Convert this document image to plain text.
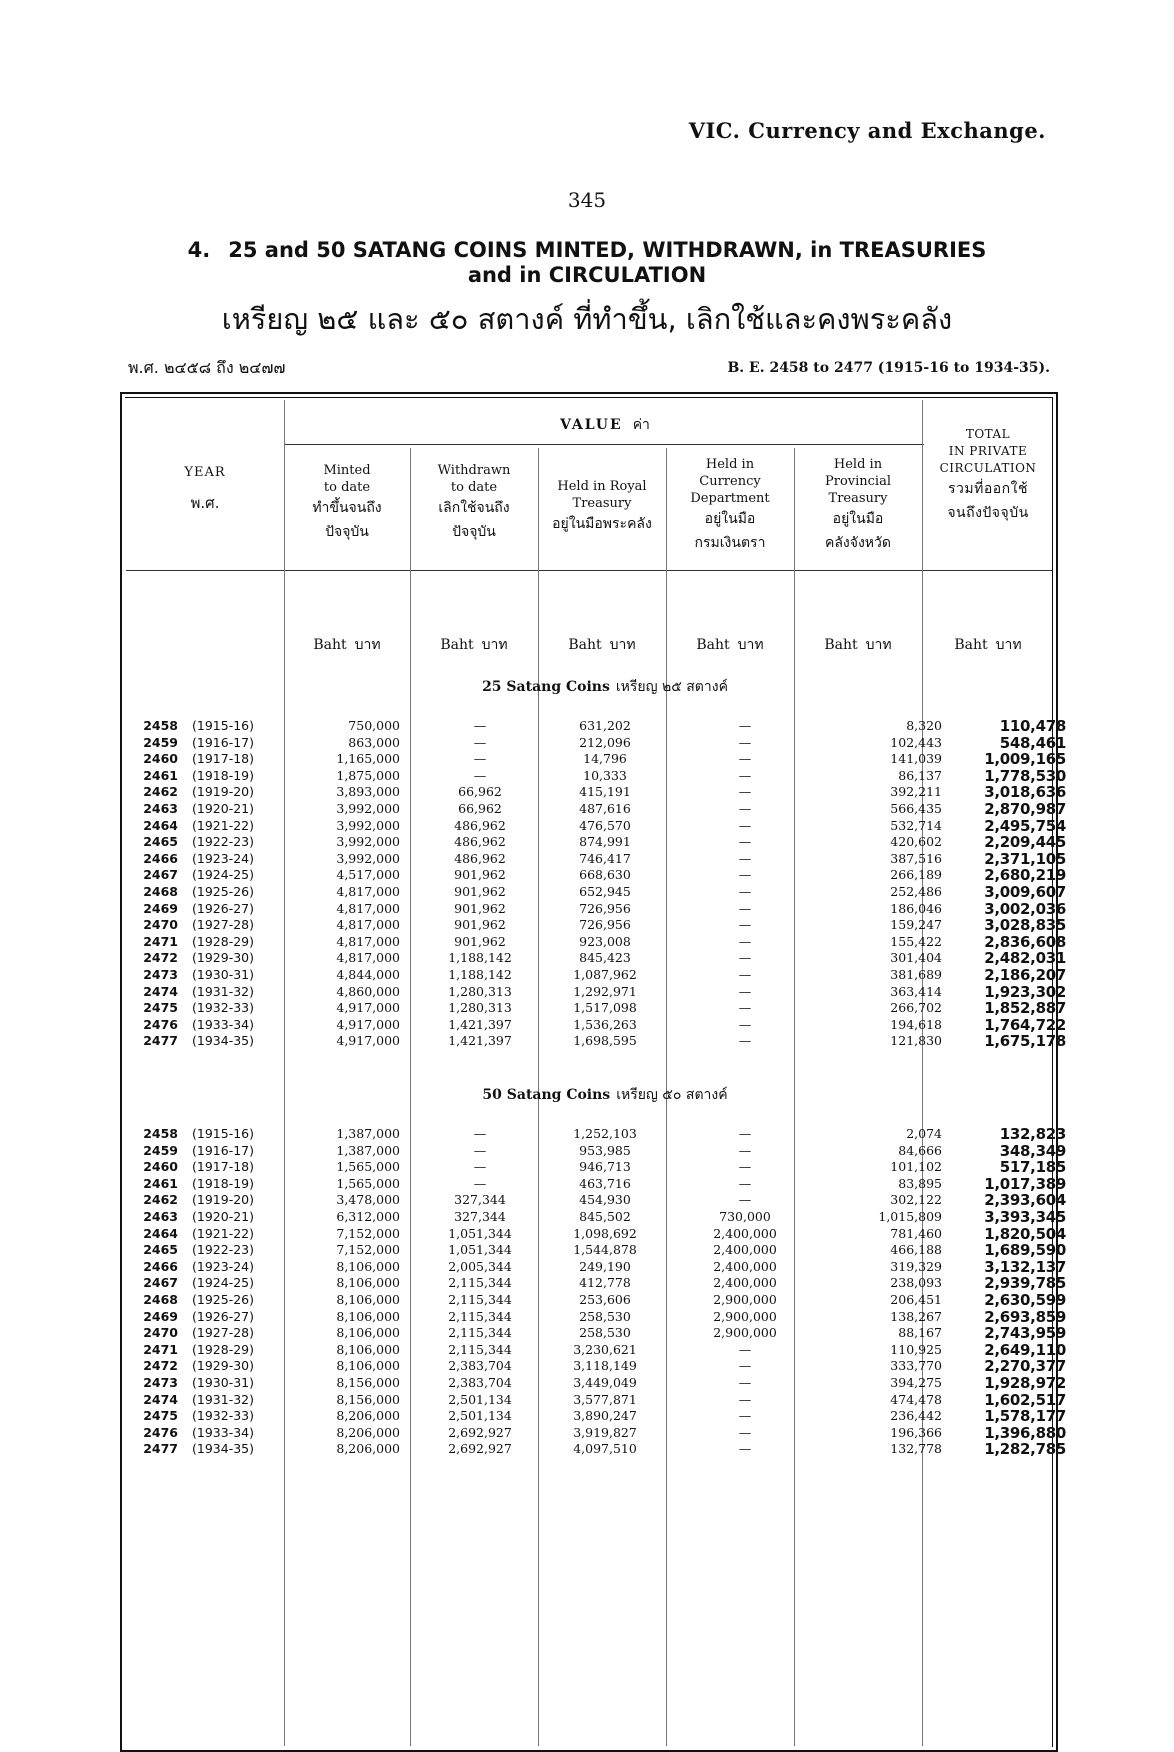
VIC. Currency and Exchange.
345
4. 25 and 50 SATANG COINS MINTED, WITHDRAWN, in TREASURIES
and in CIRCULATION
เหรียญ ๒๕ และ ๕๐ สตางค์ ที่ทำขึ้น, เลิกใช้และคงพระคลัง
พ.ศ. ๒๔๕๘ ถึง ๒๔๗๗	B. E. 2458 to 2477 (1915-16 to 1934-35).
VALUE ค่า
YEAR
พ.ศ.
Minted
to date
ทำขึ้นจนถึง
ปัจจุบัน
Withdrawn
to date
เลิกใช้จนถึง
ปัจจุบัน
Held in Royal
Treasury
อยู่ในมือพระคลัง
Held in
Currency
Department
อยู่ในมือ
กรมเงินตรา
Held in
Provincial
Treasury
อยู่ในมือ
คลังจังหวัด
TOTAL
IN PRIVATE
CIRCULATION
รวมที่ออกใช้
จนถึงปัจจุบัน
Baht บาท	Baht บาท	Baht บาท	Baht บาท	Baht บาท	Baht บาท
25 Satang Coins เหรียญ ๒๕ สตางค์
50 Satang Coins เหรียญ ๕๐ สตางค์
2458 (1915-16)	750,000	—	631,202	—	8,320	110,478
2459 (1916-17)	863,000	—	212,096	—	102,443	548,461
2460 (1917-18)	1,165,000	—	14,796	—	141,039	1,009,165
2461 (1918-19)	1,875,000	—	10,333	—	86,137	1,778,530
2462 (1919-20)	3,893,000	66,962	415,191	—	392,211	3,018,636
2463 (1920-21)	3,992,000	66,962	487,616	—	566,435	2,870,987
2464 (1921-22)	3,992,000	486,962	476,570	—	532,714	2,495,754
2465 (1922-23)	3,992,000	486,962	874,991	—	420,602	2,209,445
2466 (1923-24)	3,992,000	486,962	746,417	—	387,516	2,371,105
2467 (1924-25)	4,517,000	901,962	668,630	—	266,189	2,680,219
2468 (1925-26)	4,817,000	901,962	652,945	—	252,486	3,009,607
2469 (1926-27)	4,817,000	901,962	726,956	—	186,046	3,002,036
2470 (1927-28)	4,817,000	901,962	726,956	—	159,247	3,028,835
2471 (1928-29)	4,817,000	901,962	923,008	—	155,422	2,836,608
2472 (1929-30)	4,817,000	1,188,142	845,423	—	301,404	2,482,031
2473 (1930-31)	4,844,000	1,188,142	1,087,962	—	381,689	2,186,207
2474 (1931-32)	4,860,000	1,280,313	1,292,971	—	363,414	1,923,302
2475 (1932-33)	4,917,000	1,280,313	1,517,098	—	266,702	1,852,887
2476 (1933-34)	4,917,000	1,421,397	1,536,263	—	194,618	1,764,722
2477 (1934-35)	4,917,000	1,421,397	1,698,595	—	121,830	1,675,178
2458 (1915-16)	1,387,000	—	1,252,103	—	2,074	132,823
2459 (1916-17)	1,387,000	—	953,985	—	84,666	348,349
2460 (1917-18)	1,565,000	—	946,713	—	101,102	517,185
2461 (1918-19)	1,565,000	—	463,716	—	83,895	1,017,389
2462 (1919-20)	3,478,000	327,344	454,930	—	302,122	2,393,604
2463 (1920-21)	6,312,000	327,344	845,502	730,000	1,015,809	3,393,345
2464 (1921-22)	7,152,000	1,051,344	1,098,692	2,400,000	781,460	1,820,504
2465 (1922-23)	7,152,000	1,051,344	1,544,878	2,400,000	466,188	1,689,590
2466 (1923-24)	8,106,000	2,005,344	249,190	2,400,000	319,329	3,132,137
2467 (1924-25)	8,106,000	2,115,344	412,778	2,400,000	238,093	2,939,785
2468 (1925-26)	8,106,000	2,115,344	253,606	2,900,000	206,451	2,630,599
2469 (1926-27)	8,106,000	2,115,344	258,530	2,900,000	138,267	2,693,859
2470 (1927-28)	8,106,000	2,115,344	258,530	2,900,000	88,167	2,743,959
2471 (1928-29)	8,106,000	2,115,344	3,230,621	—	110,925	2,649,110
2472 (1929-30)	8,106,000	2,383,704	3,118,149	—	333,770	2,270,377
2473 (1930-31)	8,156,000	2,383,704	3,449,049	—	394,275	1,928,972
2474 (1931-32)	8,156,000	2,501,134	3,577,871	—	474,478	1,602,517
2475 (1932-33)	8,206,000	2,501,134	3,890,247	—	236,442	1,578,177
2476 (1933-34)	8,206,000	2,692,927	3,919,827	—	196,366	1,396,880
2477 (1934-35)	8,206,000	2,692,927	4,097,510	—	132,778	1,282,785
